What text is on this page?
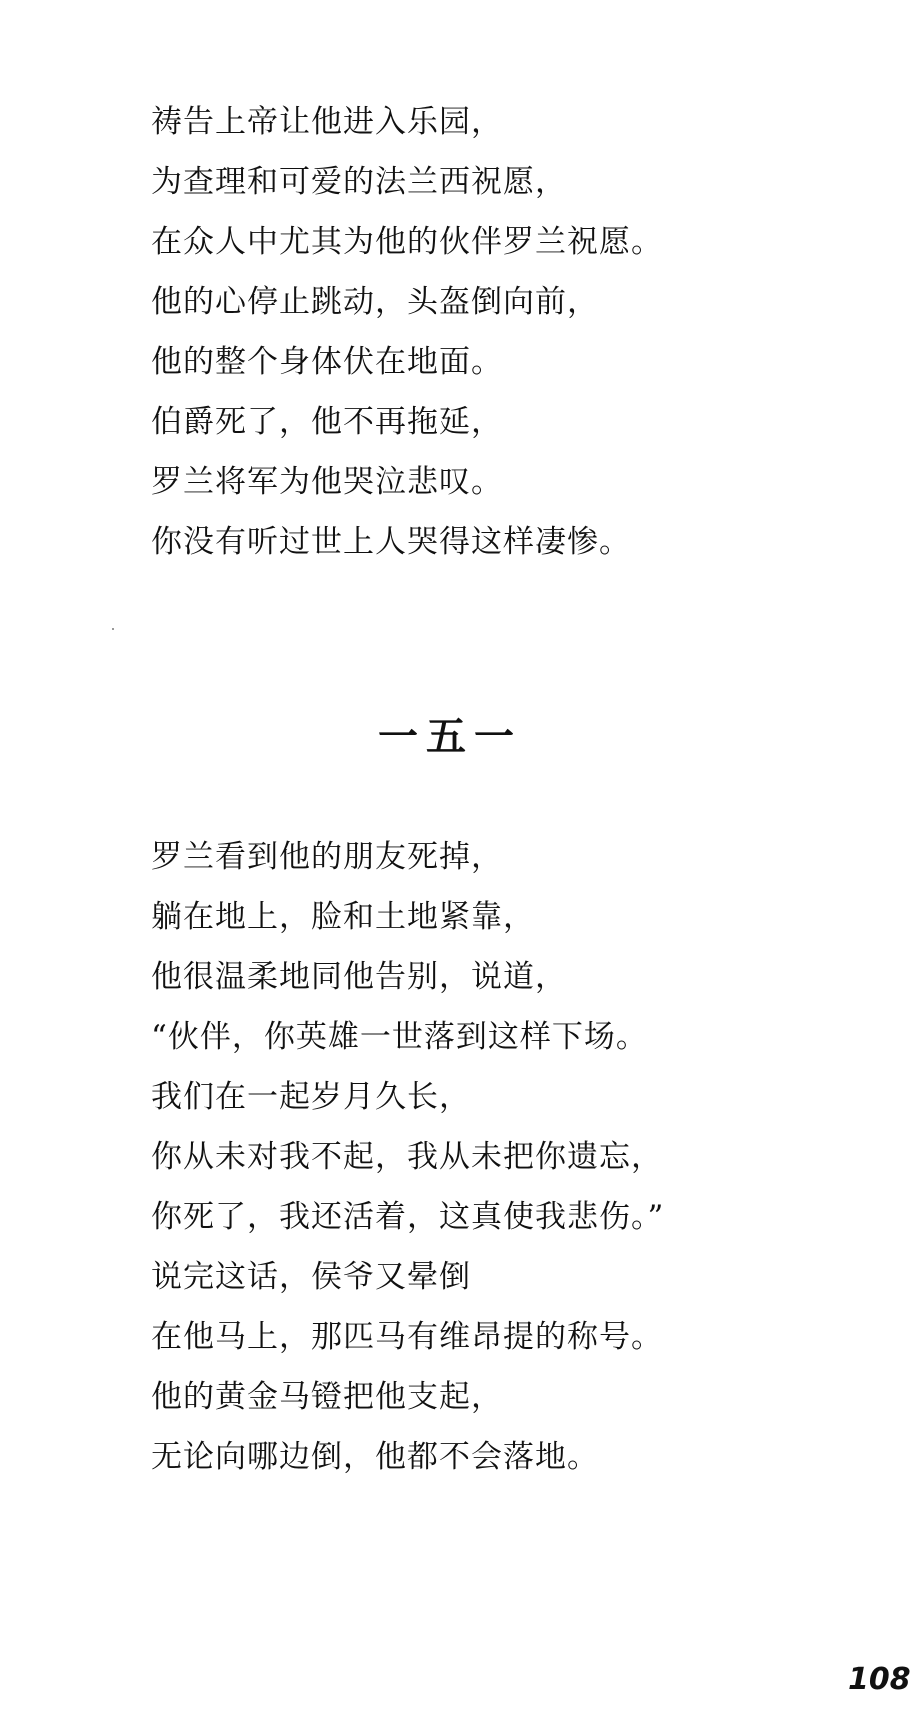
祷告上帝让他进入乐园，
为查理和可爱的法兰西祝愿，
在众人中尤其为他的伙伴罗兰祝愿。
他的心停止跳动，头盔倒向前，
他的整个身体伏在地面。
伯爵死了，他不再拖延，
罗兰将军为他哭泣悲叹。
你没有听过世上人哭得这样凄惨。
一五一
罗兰看到他的朋友死掉，
躺在地上，脸和土地紧靠，
他很温柔地同他告别，说道，
“伙伴，你英雄一世落到这样下场。
我们在一起岁月久长，
你从未对我不起，我从未把你遗忘，
你死了，我还活着，这真使我悲伤。”
说完这话，侯爷又晕倒
在他马上，那匹马有维昂提的称号。
他的黄金马镫把他支起，
无论向哪边倒，他都不会落地。
108
